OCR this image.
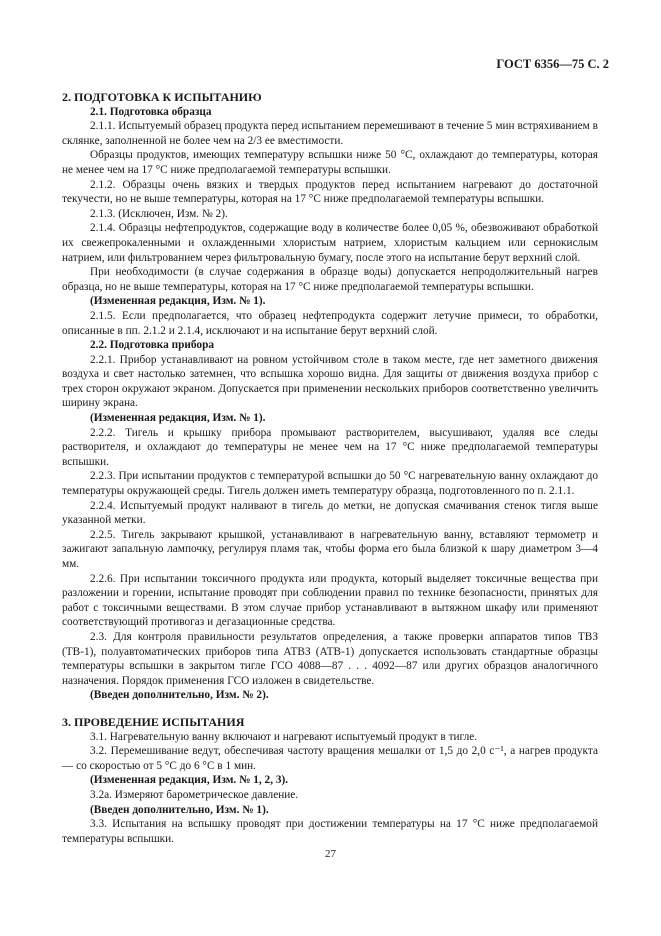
ГОСТ 6356—75 С. 2

2. ПОДГОТОВКА К ИСПЫТАНИЮ

2.1. Подготовка образца

2.1.1. Испытуемый образец продукта перед испытанием перемешивают в течение 5 мин встряхиванием в склянке, заполненной не более чем на 2/3 ее вместимости.

Образцы продуктов, имеющих температуру вспышки ниже 50 °С, охлаждают до температуры, которая не менее чем на 17 °С ниже предполагаемой температуры вспышки.

2.1.2. Образцы очень вязких и твердых продуктов перед испытанием нагревают до достаточной текучести, но не выше температуры, которая на 17 °С ниже предполагаемой температуры вспышки.

2.1.3. (Исключен, Изм. № 2).

2.1.4. Образцы нефтепродуктов, содержащие воду в количестве более 0,05 %, обезвоживают обработкой их свежепрокаленными и охлажденными хлористым натрием, хлористым кальцием или сернокислым натрием, или фильтрованием через фильтровальную бумагу, после этого на испытание берут верхний слой.

При необходимости (в случае содержания в образце воды) допускается непродолжительный нагрев образца, но не выше температуры, которая на 17 °С ниже предполагаемой температуры вспышки.

(Измененная редакция, Изм. № 1).

2.1.5. Если предполагается, что образец нефтепродукта содержит летучие примеси, то обработки, описанные в пп. 2.1.2 и 2.1.4, исключают и на испытание берут верхний слой.

2.2. Подготовка прибора

2.2.1. Прибор устанавливают на ровном устойчивом столе в таком месте, где нет заметного движения воздуха и свет настолько затемнен, что вспышка хорошо видна. Для защиты от движения воздуха прибор с трех сторон окружают экраном. Допускается при применении нескольких приборов соответственно увеличить ширину экрана.

(Измененная редакция, Изм. № 1).

2.2.2. Тигель и крышку прибора промывают растворителем, высушивают, удаляя все следы растворителя, и охлаждают до температуры не менее чем на 17 °С ниже предполагаемой температуры вспышки.

2.2.3. При испытании продуктов с температурой вспышки до 50 °С нагревательную ванну охлаждают до температуры окружающей среды. Тигель должен иметь температуру образца, подготовленного по п. 2.1.1.

2.2.4. Испытуемый продукт наливают в тигель до метки, не допуская смачивания стенок тигля выше указанной метки.

2.2.5. Тигель закрывают крышкой, устанавливают в нагревательную ванну, вставляют термометр и зажигают запальную лампочку, регулируя пламя так, чтобы форма его была близкой к шару диаметром 3—4 мм.

2.2.6. При испытании токсичного продукта или продукта, который выделяет токсичные вещества при разложении и горении, испытание проводят при соблюдении правил по технике безопасности, принятых для работ с токсичными веществами. В этом случае прибор устанавливают в вытяжном шкафу или применяют соответствующий противогаз и дегазационные средства.

2.3. Для контроля правильности результатов определения, а также проверки аппаратов типов ТВЗ (ТВ-1), полуавтоматических приборов типа АТВЗ (АТВ-1) допускается использовать стандартные образцы температуры вспышки в закрытом тигле ГСО 4088—87 . . . 4092—87 или других образцов аналогичного назначения. Порядок применения ГСО изложен в свидетельстве.

(Введен дополнительно, Изм. № 2).

3. ПРОВЕДЕНИЕ ИСПЫТАНИЯ

3.1. Нагревательную ванну включают и нагревают испытуемый продукт в тигле.

3.2. Перемешивание ведут, обеспечивая частоту вращения мешалки от 1,5 до 2,0 с⁻¹, а нагрев продукта — со скоростью от 5 °С до 6 °С в 1 мин.

(Измененная редакция, Изм. № 1, 2, 3).

3.2а. Измеряют барометрическое давление.

(Введен дополнительно, Изм. № 1).

3.3. Испытания на вспышку проводят при достижении температуры на 17 °С ниже предполагаемой температуры вспышки.

27
